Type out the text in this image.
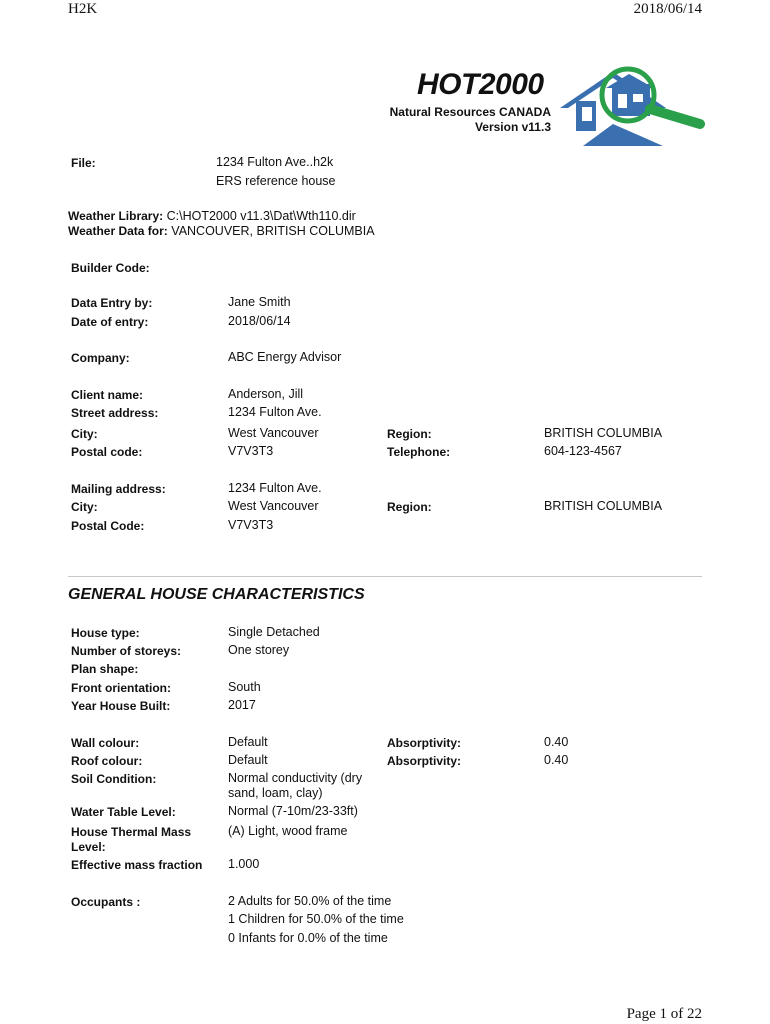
H2K	2018/06/14
HOT2000
Natural Resources CANADA
Version v11.3
File:	1234 Fulton Ave..h2k
ERS reference house
Weather Library: C:\HOT2000 v11.3\Dat\Wth110.dir
Weather Data for: VANCOUVER, BRITISH COLUMBIA
Builder Code:
Data Entry by:	Jane Smith
Date of entry:	2018/06/14
Company:	ABC Energy Advisor
Client name:	Anderson, Jill
Street address:	1234 Fulton Ave.
City:	West Vancouver	Region:	BRITISH COLUMBIA
Postal code:	V7V3T3	Telephone:	604-123-4567
Mailing address:	1234 Fulton Ave.
City:	West Vancouver	Region:	BRITISH COLUMBIA
Postal Code:	V7V3T3
GENERAL HOUSE CHARACTERISTICS
House type:	Single Detached
Number of storeys:	One storey
Plan shape:
Front orientation:	South
Year House Built:	2017
Wall colour:	Default	Absorptivity:	0.40
Roof colour:	Default	Absorptivity:	0.40
Soil Condition:	Normal conductivity (dry
sand, loam, clay)
Water Table Level:	Normal (7-10m/23-33ft)
House Thermal Mass
Level:
(A) Light, wood frame
Effective mass fraction 1.000
Occupants :	2 Adults for 50.0% of the time
1 Children for 50.0% of the time
0 Infants for 0.0% of the time
Page 1 of 22
